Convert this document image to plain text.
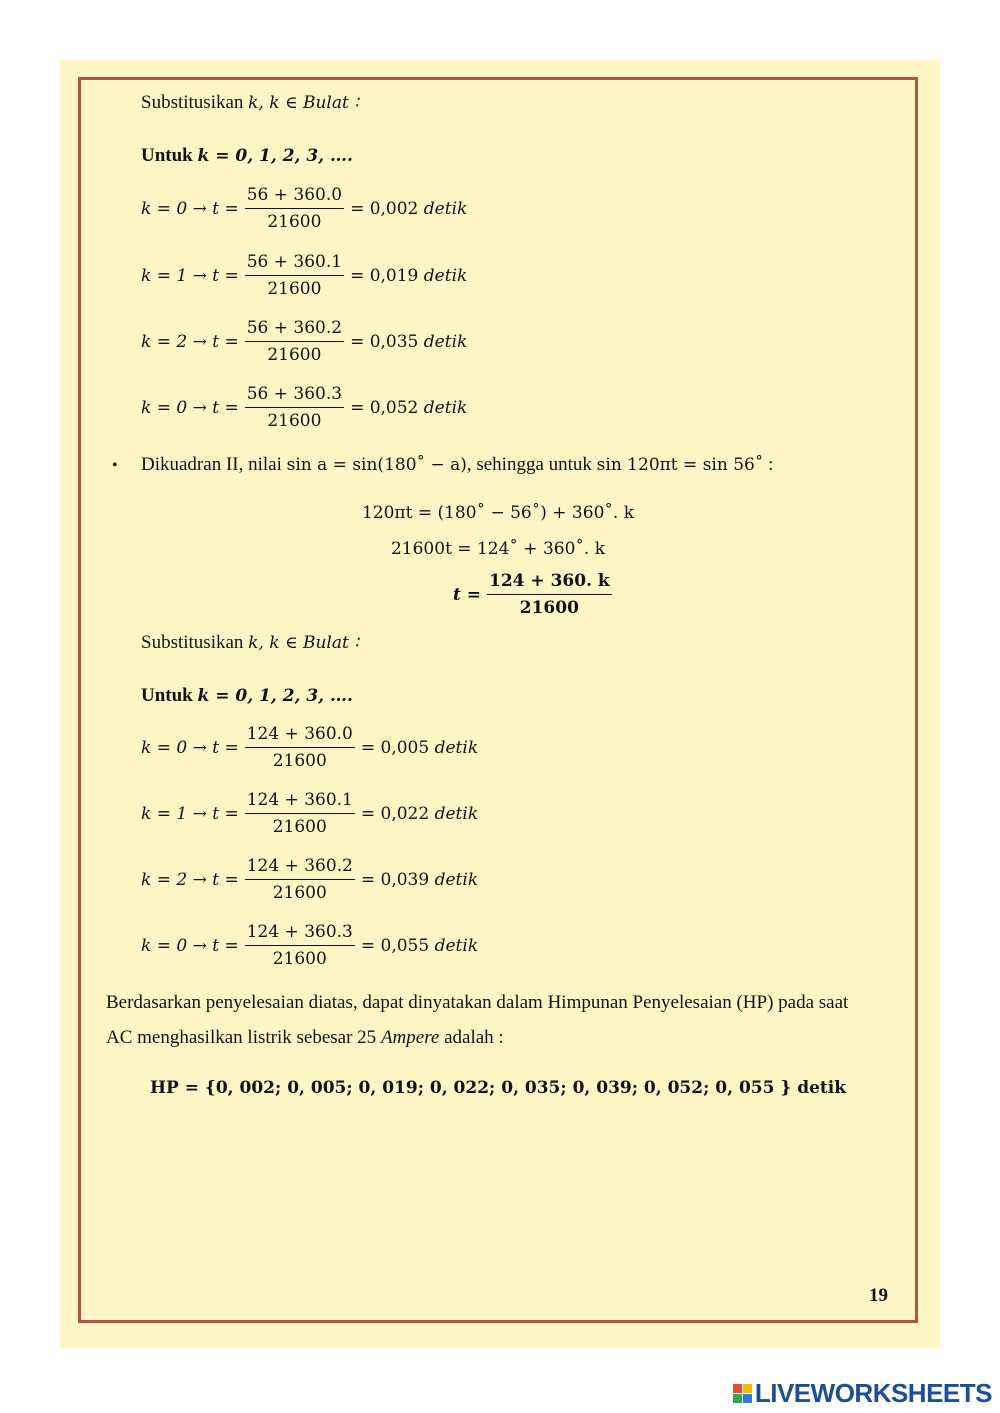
Substitusikan k, k ∈ Bulat ∶
Untuk k = 0, 1, 2, 3, ….
$k = 0 \to t = \frac{56 + 360.0}{21600} = 0,002$
detik
$k = 1 \to t = \frac{56 + 360.1}{21600} = 0,019$
detik
$k = 2 \to t = \frac{56 + 360.2}{21600} = 0,035$
detik
$k = 0 \to t = \frac{56 + 360.3}{21600} = 0,052$
detik
• Dikuadran II, nilai sin a = sin(180˚ − a), sehingga untuk sin 120πt = sin 56˚ :
120πt = (180˚ − 56˚) + 360˚. k
21600t = 124˚ + 360˚. k
$t = \frac{124 + 360. k}{21600}$
Substitusikan k, k ∈ Bulat ∶
Untuk k = 0, 1, 2, 3, ….
$k = 0 \to t = \frac{124 + 360.0}{21600} = 0,005$
detik
$k = 1 \to t = \frac{124 + 360.1}{21600} = 0,022$
detik
$k = 2 \to t = \frac{124 + 360.2}{21600} = 0,039$
detik
$k = 0 \to t = \frac{124 + 360.3}{21600} = 0,055$
detik
Berdasarkan penyelesaian diatas, dapat dinyatakan dalam Himpunan Penyelesaian (HP) pada saat
AC menghasilkan listrik sebesar 25 Ampere adalah :
HP = {0, 002; 0, 005; 0, 019; 0, 022; 0, 035; 0, 039; 0, 052; 0, 055 } detik
19
LIVEWORKSHEETS
